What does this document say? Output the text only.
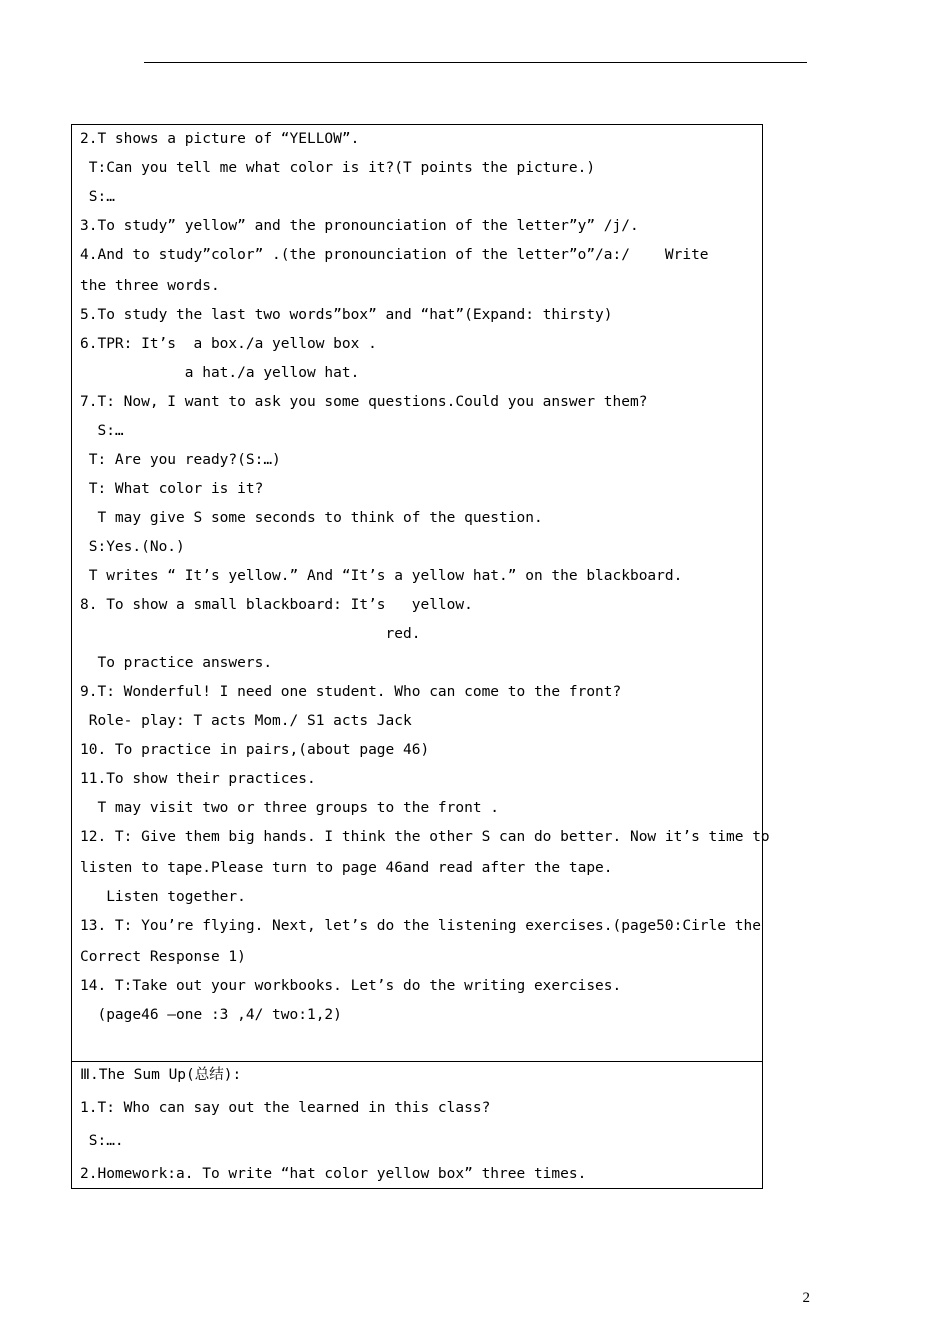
2.T shows a picture of “YELLOW”.
T:Can you tell me what color is it?(T points the picture.)
S:…
3.To study” yellow” and the pronounciation of the letter”y” /j/.
4.And to study”color” .(the pronounciation of the letter”o”/a:/    Write
the three words.
5.To study the last two words”box” and “hat”(Expand: thirsty)
6.TPR: It’s  a box./a yellow box .
a hat./a yellow hat.
7.T: Now, I want to ask you some questions.Could you answer them?
S:…
T: Are you ready?(S:…)
T: What color is it?
T may give S some seconds to think of the question.
S:Yes.(No.)
T writes “ It’s yellow.” And “It’s a yellow hat.” on the blackboard.
8. To show a small blackboard: It’s   yellow.
red.
To practice answers.
9.T: Wonderful! I need one student. Who can come to the front?
Role- play: T acts Mom./ S1 acts Jack
10. To practice in pairs,(about page 46)
11.To show their practices.
T may visit two or three groups to the front .
12. T: Give them big hands. I think the other S can do better. Now it’s time to
listen to tape.Please turn to page 46and read after the tape.
Listen together.
13. T: You’re flying. Next, let’s do the listening exercises.(page50:Cirle the
Correct Response 1)
14. T:Take out your workbooks. Let’s do the writing exercises.
(page46 –one :3 ,4/ two:1,2)
Ⅲ.The Sum Up(总结):
1.T: Who can say out the learned in this class?
S:….
2.Homework:a. To write “hat color yellow box” three times.
2
